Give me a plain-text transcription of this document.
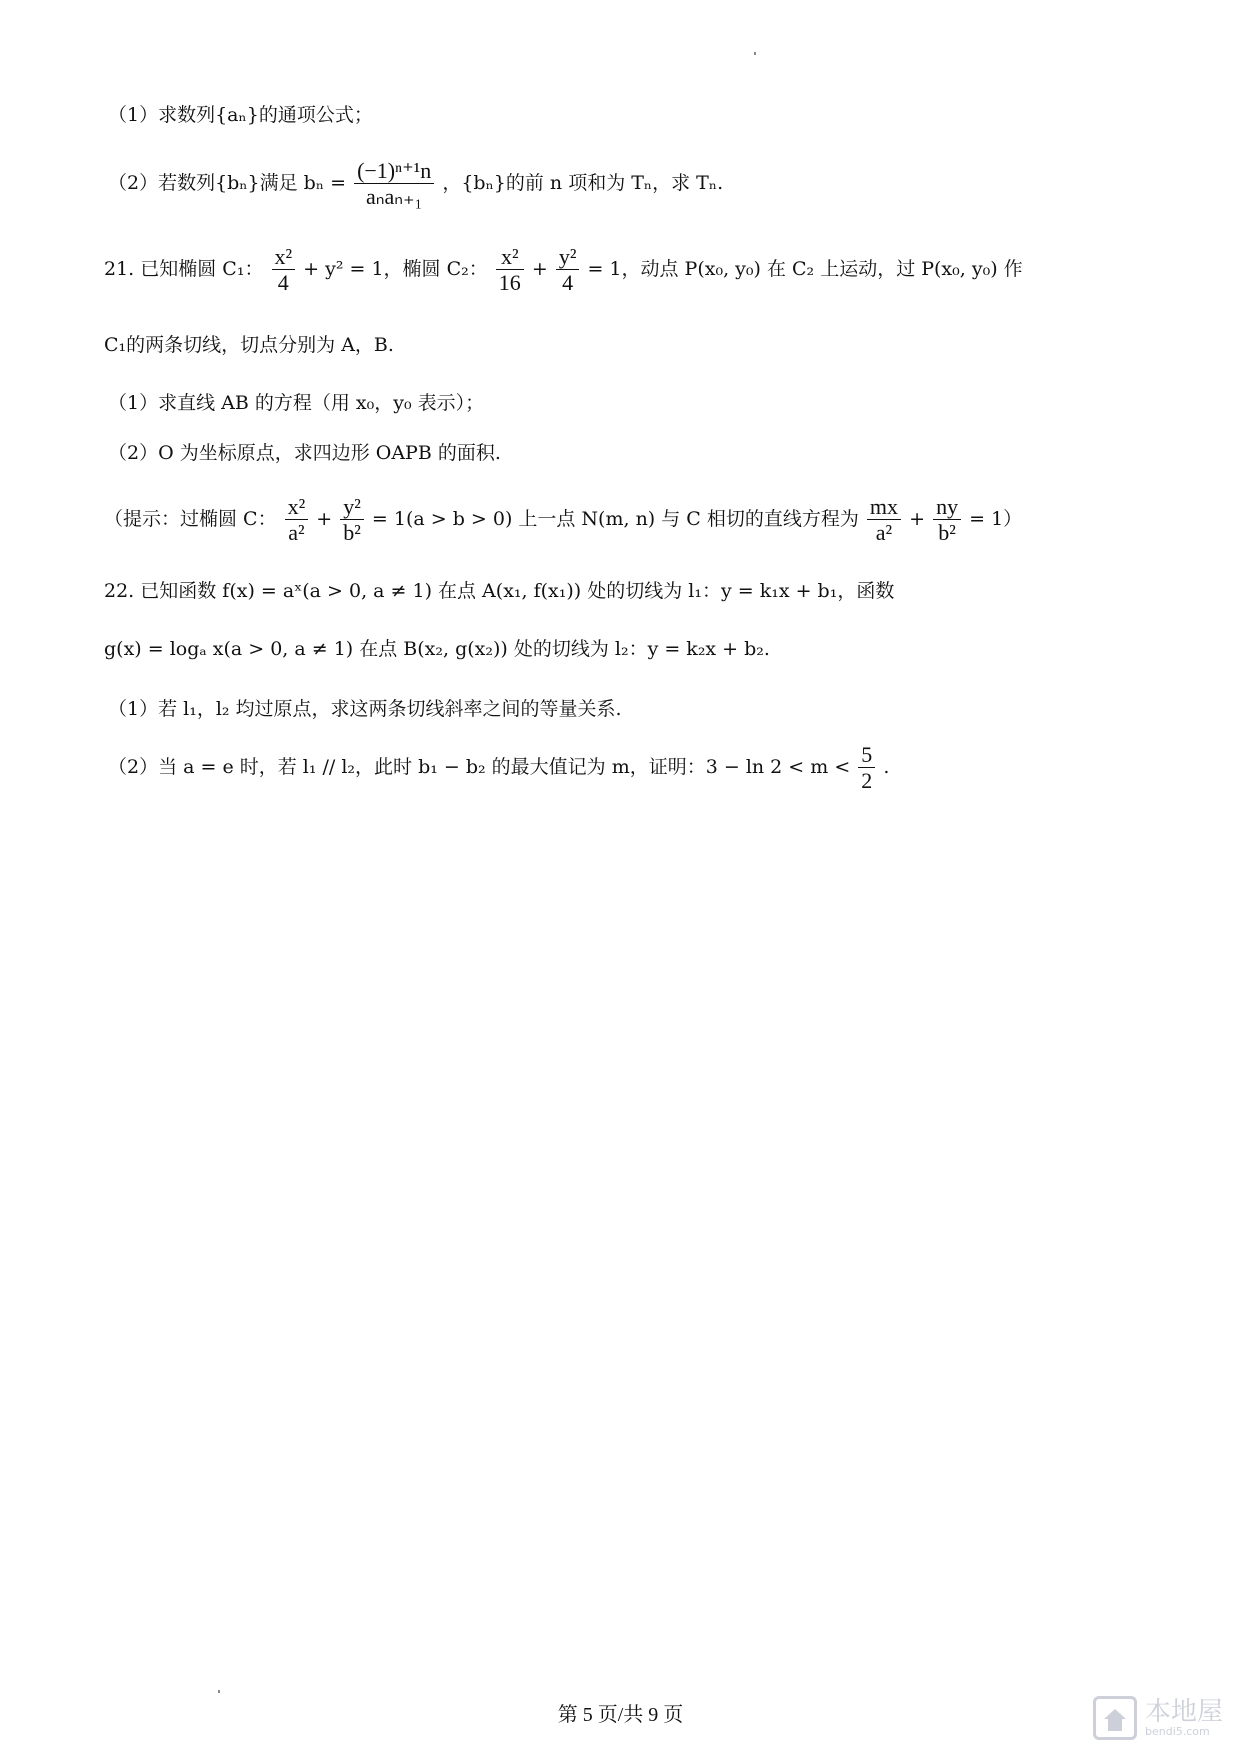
（1）求数列{aₙ}的通项公式；
（2）若数列{bₙ}满足 $b_n = \frac{\text{(−1)ⁿ⁺¹n}}{\text{aₙaₙ₊₁}}$ ，{bₙ}的前 n 项和为 Tₙ，求 Tₙ.
21. 已知椭圆 C₁： $\frac{\text{x²}}{4} + y^2 = 1$，椭圆 C₂： $\frac{\text{x²}}{16} + \frac{\text{y²}}{4} = 1$，动点 P(x₀, y₀) 在 C₂ 上运动，过 P(x₀, y₀) 作
C₁的两条切线，切点分别为 A，B.
（1）求直线 AB 的方程（用 x₀，y₀ 表示）；
（2）O 为坐标原点，求四边形 OAPB 的面积.
（提示：过椭圆 C： $\frac{\text{x²}}{\text{a²}} + \frac{\text{y²}}{\text{b²}} = 1(a > b > 0)$ 上一点 N(m, n) 与 C 相切的直线方程为 $\frac{mx}{\text{a²}} + \frac{ny}{\text{b²}} = 1$）
22. 已知函数 f(x) = aˣ(a > 0, a ≠ 1) 在点 A(x₁, f(x₁)) 处的切线为 l₁：y = k₁x + b₁，函数
g(x) = logₐ x(a > 0, a ≠ 1) 在点 B(x₂, g(x₂)) 处的切线为 l₂：y = k₂x + b₂.
（1）若 l₁，l₂ 均过原点，求这两条切线斜率之间的等量关系.
（2）当 a = e 时，若 l₁ // l₂，此时 b₁ − b₂ 的最大值记为 m，证明：$3 - \ln 2 < m < \frac{5}{2}$ .
第 5 页/共 9 页	本地屋
bendi5.com
